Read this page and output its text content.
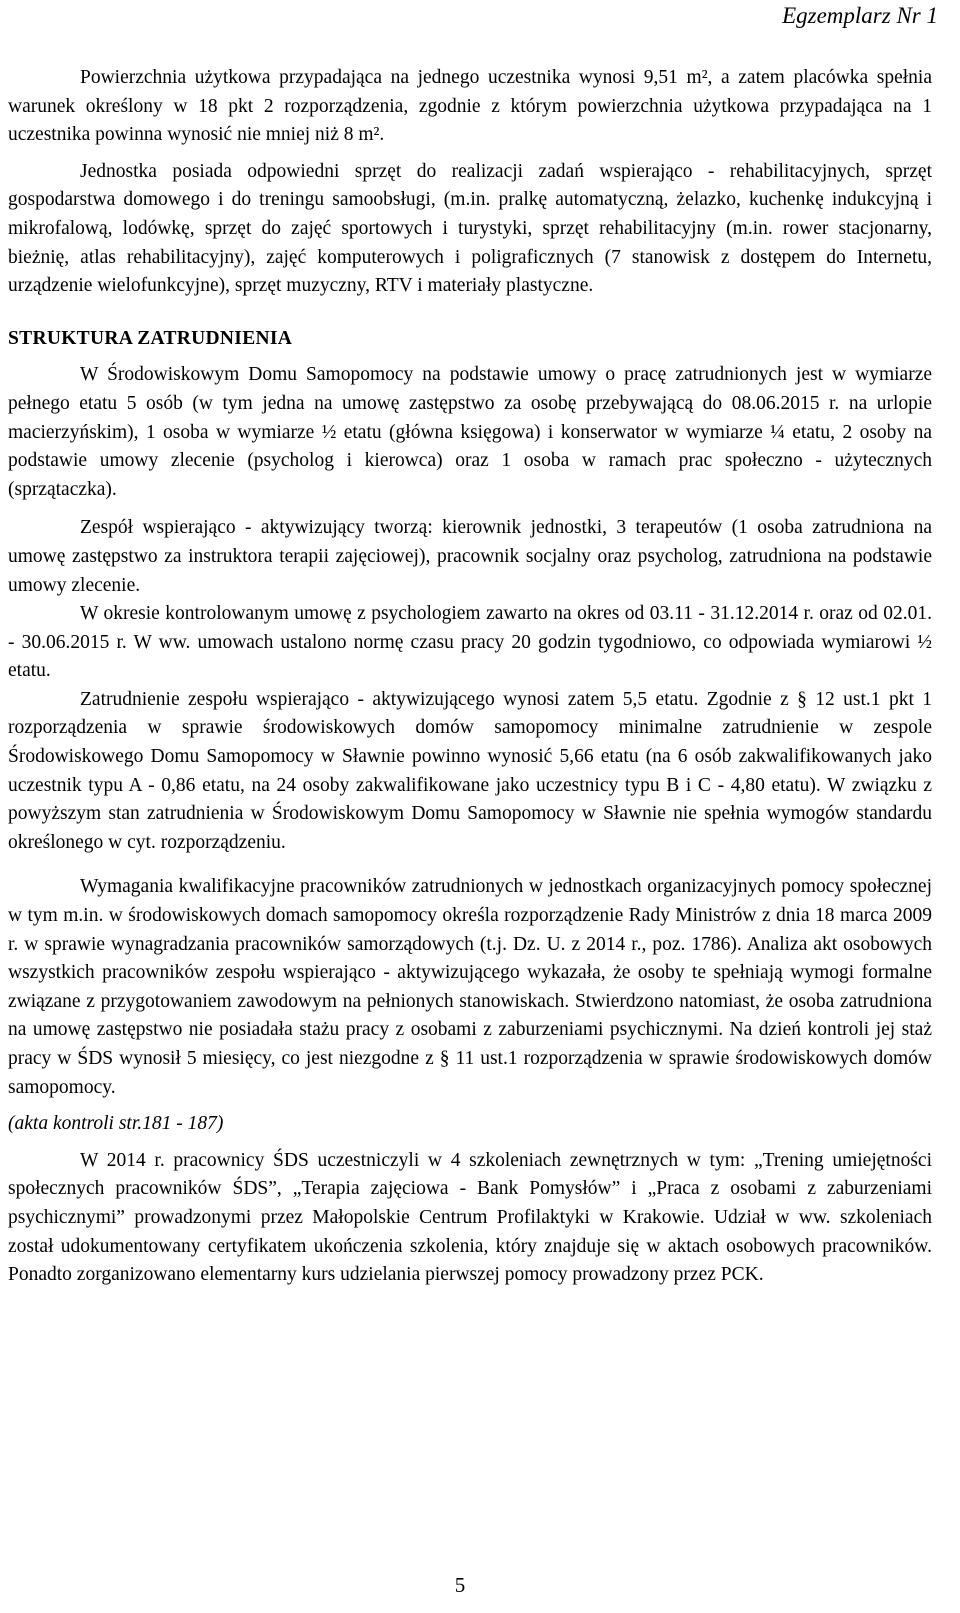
Egzemplarz Nr 1

Powierzchnia użytkowa przypadająca na jednego uczestnika wynosi 9,51 m², a zatem placówka spełnia warunek określony w 18 pkt 2 rozporządzenia, zgodnie z którym powierzchnia użytkowa przypadająca na 1 uczestnika powinna wynosić nie mniej niż 8 m².

Jednostka posiada odpowiedni sprzęt do realizacji zadań wspierająco - rehabilitacyjnych, sprzęt gospodarstwa domowego i do treningu samoobsługi, (m.in. pralkę automatyczną, żelazko, kuchenkę indukcyjną i mikrofalową, lodówkę, sprzęt do zajęć sportowych i turystyki, sprzęt rehabilitacyjny (m.in. rower stacjonarny, bieżnię, atlas rehabilitacyjny), zajęć komputerowych i poligraficznych (7 stanowisk z dostępem do Internetu, urządzenie wielofunkcyjne), sprzęt muzyczny, RTV i materiały plastyczne.

STRUKTURA ZATRUDNIENIA

W Środowiskowym Domu Samopomocy na podstawie umowy o pracę zatrudnionych jest w wymiarze pełnego etatu 5 osób (w tym jedna na umowę zastępstwo za osobę przebywającą do 08.06.2015 r. na urlopie macierzyńskim), 1 osoba w wymiarze ½ etatu (główna księgowa) i konserwator w wymiarze ¼ etatu, 2 osoby na podstawie umowy zlecenie (psycholog i kierowca) oraz 1 osoba w ramach prac społeczno - użytecznych (sprzątaczka).

Zespół wspierająco - aktywizujący tworzą: kierownik jednostki, 3 terapeutów (1 osoba zatrudniona na umowę zastępstwo za instruktora terapii zajęciowej), pracownik socjalny oraz psycholog, zatrudniona na podstawie umowy zlecenie.

W okresie kontrolowanym umowę z psychologiem zawarto na okres od 03.11 - 31.12.2014 r. oraz od 02.01. - 30.06.2015 r. W ww. umowach ustalono normę czasu pracy 20 godzin tygodniowo, co odpowiada wymiarowi ½ etatu.

Zatrudnienie zespołu wspierająco - aktywizującego wynosi zatem 5,5 etatu. Zgodnie z § 12 ust.1 pkt 1 rozporządzenia w sprawie środowiskowych domów samopomocy minimalne zatrudnienie w zespole Środowiskowego Domu Samopomocy w Sławnie powinno wynosić 5,66 etatu (na 6 osób zakwalifikowanych jako uczestnik typu A - 0,86 etatu, na 24 osoby zakwalifikowane jako uczestnicy typu B i C - 4,80 etatu). W związku z powyższym stan zatrudnienia w Środowiskowym Domu Samopomocy w Sławnie nie spełnia wymogów standardu określonego w cyt. rozporządzeniu.

Wymagania kwalifikacyjne pracowników zatrudnionych w jednostkach organizacyjnych pomocy społecznej w tym m.in. w środowiskowych domach samopomocy określa rozporządzenie Rady Ministrów z dnia 18 marca 2009 r. w sprawie wynagradzania pracowników samorządowych (t.j. Dz. U. z 2014 r., poz. 1786). Analiza akt osobowych wszystkich pracowników zespołu wspierająco - aktywizującego wykazała, że osoby te spełniają wymogi formalne związane z przygotowaniem zawodowym na pełnionych stanowiskach. Stwierdzono natomiast, że osoba zatrudniona na umowę zastępstwo nie posiadała stażu pracy z osobami z zaburzeniami psychicznymi. Na dzień kontroli jej staż pracy w ŚDS wynosił 5 miesięcy, co jest niezgodne z § 11 ust.1 rozporządzenia w sprawie środowiskowych domów samopomocy.

(akta kontroli str.181 - 187)

W 2014 r. pracownicy ŚDS uczestniczyli w 4 szkoleniach zewnętrznych w tym: „Trening umiejętności społecznych pracowników ŚDS”, „Terapia zajęciowa - Bank Pomysłów” i „Praca z osobami z zaburzeniami psychicznymi” prowadzonymi przez Małopolskie Centrum Profilaktyki w Krakowie. Udział w ww. szkoleniach został udokumentowany certyfikatem ukończenia szkolenia, który znajduje się w aktach osobowych pracowników. Ponadto zorganizowano elementarny kurs udzielania pierwszej pomocy prowadzony przez PCK.

5
